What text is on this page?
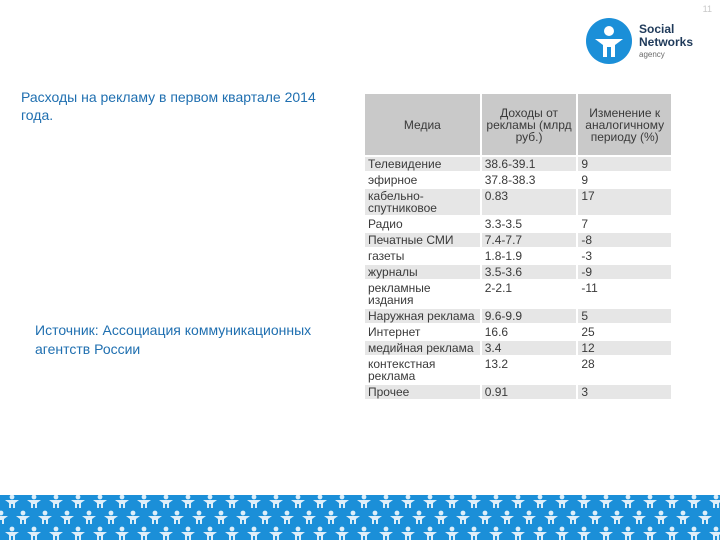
11
Social
Networks
agency

Расходы на рекламу в первом квартале 2014 года.

Источник: Ассоциация коммуникационных агентств России

Медиа	Доходы от рекламы (млрд руб.)	Изменение к аналогичному периоду (%)
Телевидение	38.6-39.1	9
эфирное	37.8-38.3	9
кабельно-спутниковое	0.83	17
Радио	3.3-3.5	7
Печатные СМИ	7.4-7.7	-8
газеты	1.8-1.9	-3
журналы	3.5-3.6	-9
рекламные издания	2-2.1	-11
Наружная реклама	9.6-9.9	5
Интернет	16.6	25
медийная реклама	3.4	12
контекстная реклама	13.2	28
Прочее	0.91	3
